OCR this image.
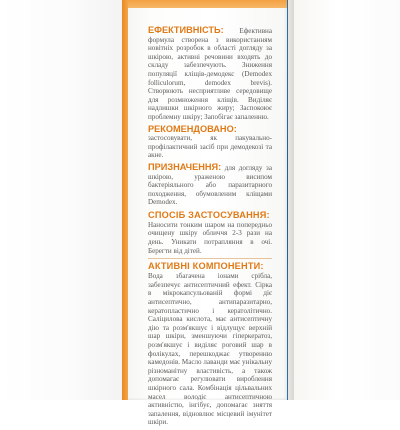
ЕФЕКТИВНІСТЬ: Ефективна формула створена з використанням новітніх розробок в області догляду за шкірою, активні речовини входять до складу забезпечують. Зниження популяції кліщів-демодекс (Demodex folliculorum, demodex brevis). Створюють несприятливе середовище для розмноження кліщів. Виділяє надлишки шкірного жиру; Заспокоює проблемну шкіру; Запобігає запаленню.

РЕКОМЕНДОВАНО: застосовувати, як пакувально-профілактичний засіб при демодекозі та акне.

ПРИЗНАЧЕННЯ: для догляду за шкірою, ураженою висипом бактеріяльного або паразитарного походження, обумовленим кліщами Demodex.

СПОСІБ ЗАСТОСУВАННЯ:

Наносити тонким шаром на попередньо очищену шкіру обличчя 2-3 рази на день. Уникати потрапляння в очі. Берегти від дітей.

АКТИВНІ КОМПОНЕНТИ:

Вода збагачена іонами срібла, забезпечує антисептичний ефект. Сірка в мікрокапсульованій формі діє антисептично, антипаразитарно, кератопластично і кератолітично. Саліцилова кислота, має антисептичну дію та розм'якшує і відлущує верхній шар шкіри, зменшуючи гіперкератоз, розм'якшує і виділяє роговий шар в фолікулах, перешкоджає утворенню камедонів. Масло лаванди має унікальну різноманітну властивість, а також допомагає регулювати вироблення шкірного сала. Комбінація цільвальних масел володіє антисептичною активністю, інгібує, допомагає зняття запалення, відновлює місцевий імунітет шкіри.
